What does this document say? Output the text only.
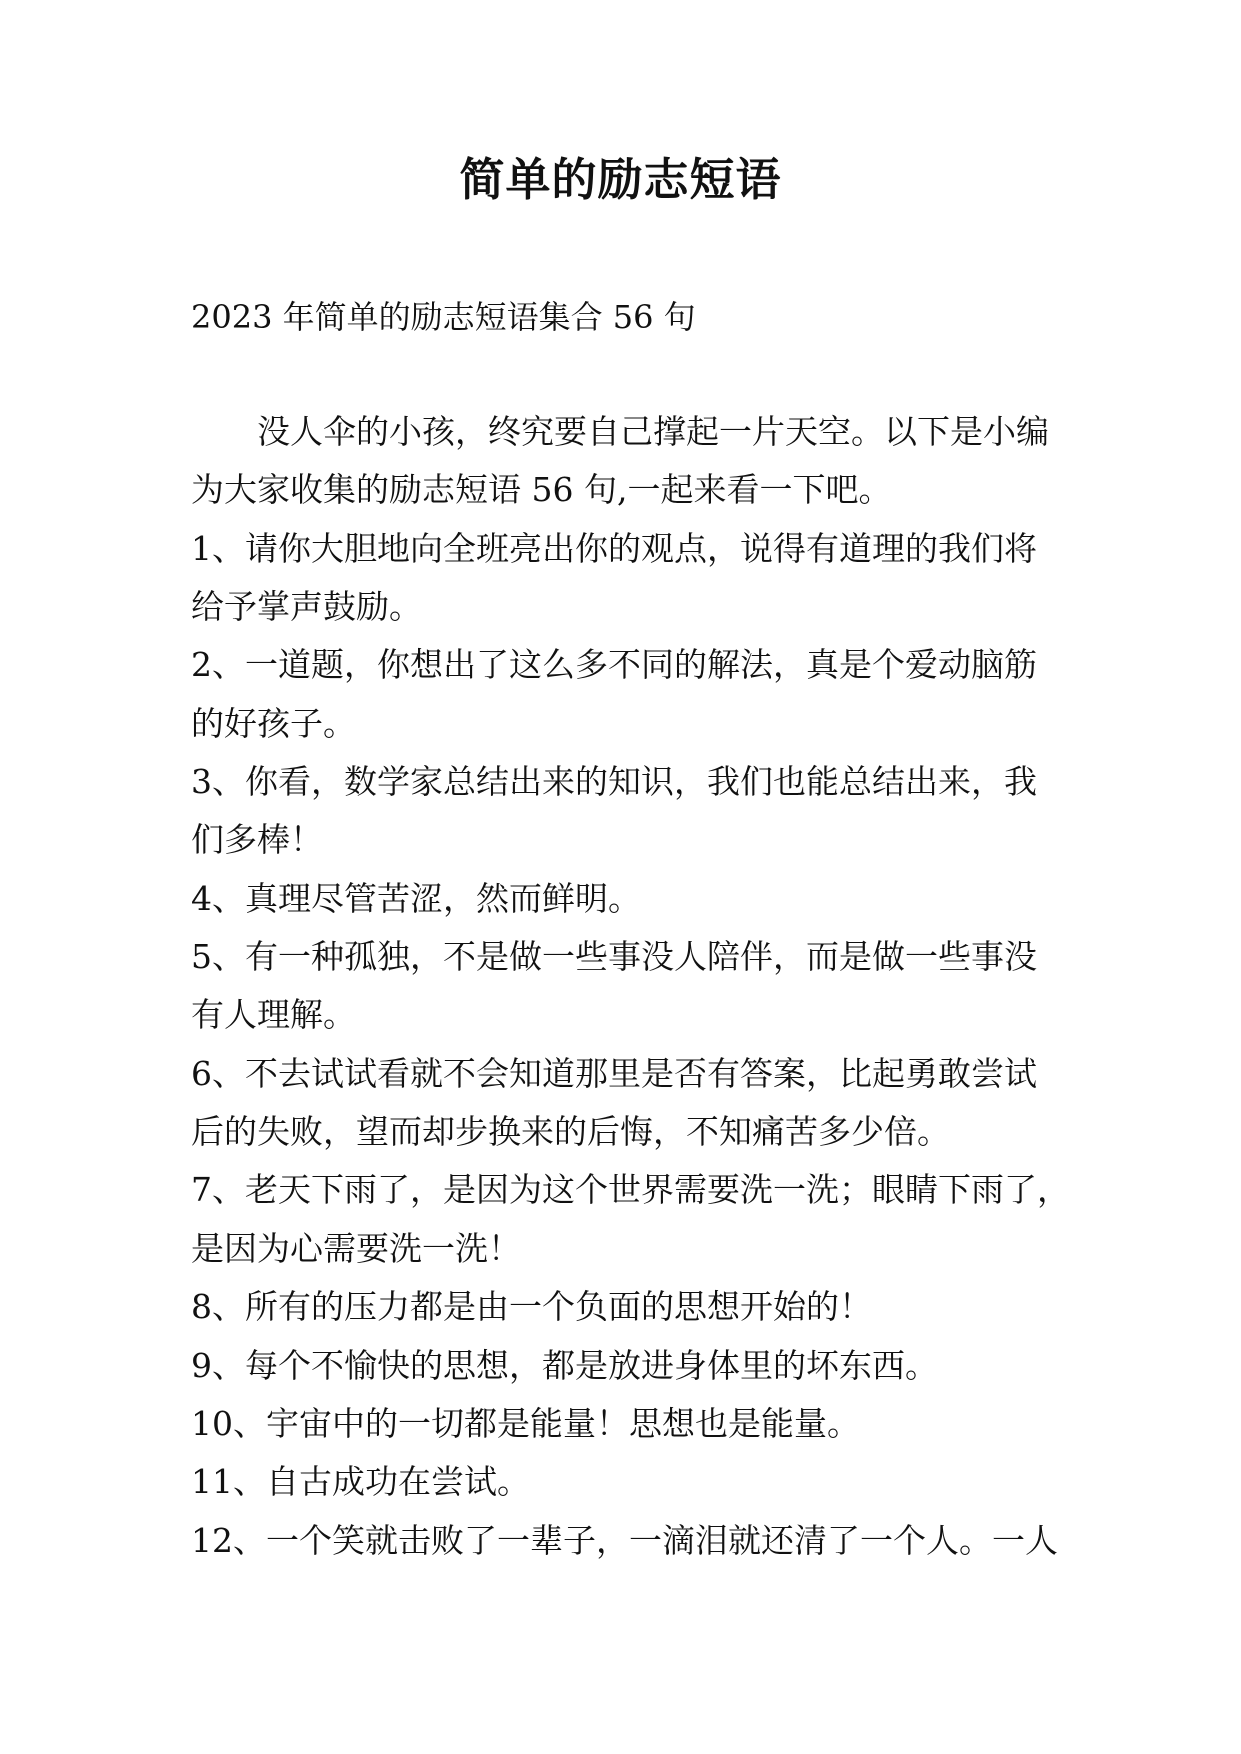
简单的励志短语
2023 年简单的励志短语集合 56 句
没人伞的小孩，终究要自己撑起一片天空。以下是小编
为大家收集的励志短语 56 句,一起来看一下吧。
1、请你大胆地向全班亮出你的观点，说得有道理的我们将
给予掌声鼓励。
2、一道题，你想出了这么多不同的解法，真是个爱动脑筋
的好孩子。
3、你看，数学家总结出来的知识，我们也能总结出来，我
们多棒！
4、真理尽管苦涩，然而鲜明。
5、有一种孤独，不是做一些事没人陪伴，而是做一些事没
有人理解。
6、不去试试看就不会知道那里是否有答案，比起勇敢尝试
后的失败，望而却步换来的后悔，不知痛苦多少倍。
7、老天下雨了，是因为这个世界需要洗一洗；眼睛下雨了，
是因为心需要洗一洗！
8、所有的压力都是由一个负面的思想开始的！
9、每个不愉快的思想，都是放进身体里的坏东西。
10、宇宙中的一切都是能量！思想也是能量。
11、自古成功在尝试。
12、一个笑就击败了一辈子，一滴泪就还清了一个人。一人
